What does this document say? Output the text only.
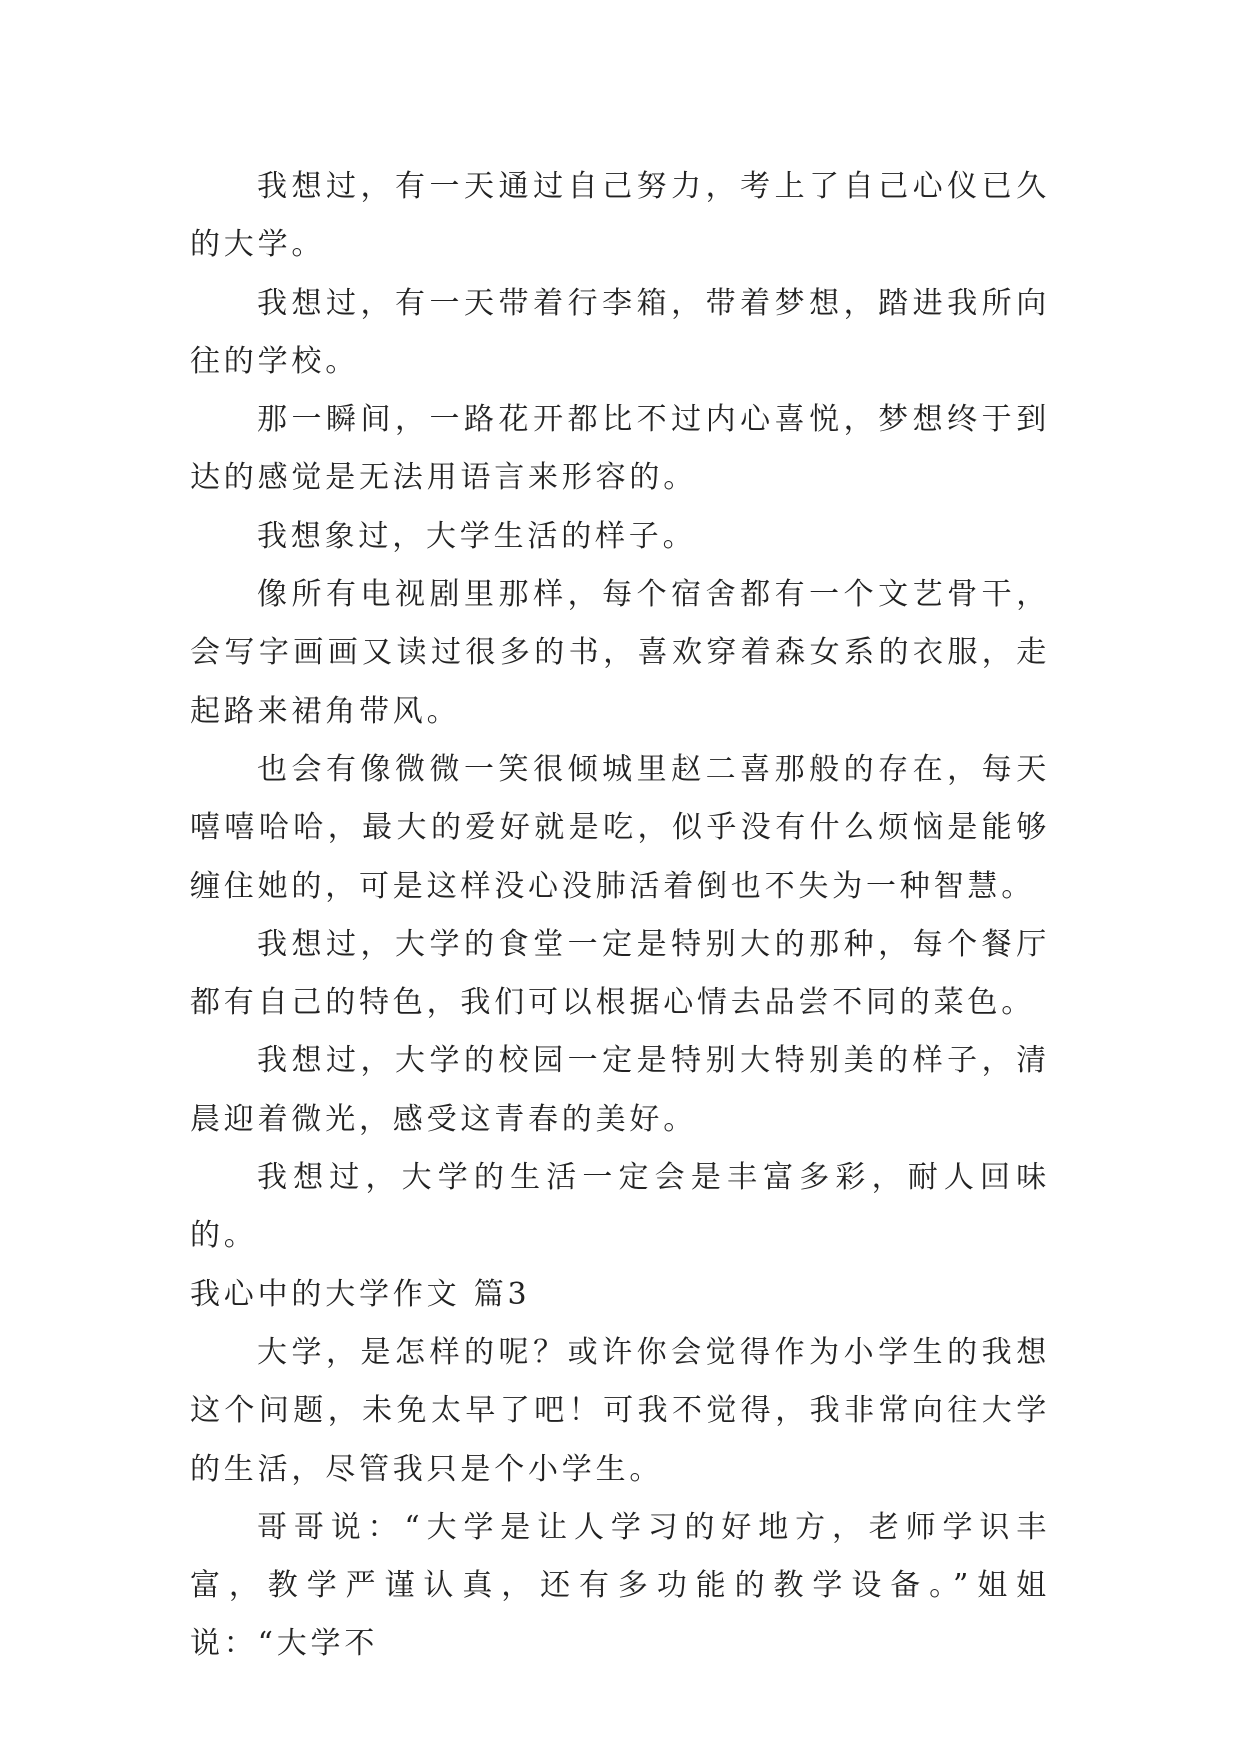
我想过，有一天通过自己努力，考上了自己心仪已久的大学。

我想过，有一天带着行李箱，带着梦想，踏进我所向往的学校。

那一瞬间，一路花开都比不过内心喜悦，梦想终于到达的感觉是无法用语言来形容的。

我想象过，大学生活的样子。

像所有电视剧里那样，每个宿舍都有一个文艺骨干，会写字画画又读过很多的书，喜欢穿着森女系的衣服，走起路来裙角带风。

也会有像微微一笑很倾城里赵二喜那般的存在，每天嘻嘻哈哈，最大的爱好就是吃，似乎没有什么烦恼是能够缠住她的，可是这样没心没肺活着倒也不失为一种智慧。

我想过，大学的食堂一定是特别大的那种，每个餐厅都有自己的特色，我们可以根据心情去品尝不同的菜色。

我想过，大学的校园一定是特别大特别美的样子，清晨迎着微光，感受这青春的美好。

我想过，大学的生活一定会是丰富多彩，耐人回味的。

我心中的大学作文 篇3

大学，是怎样的呢？或许你会觉得作为小学生的我想这个问题，未免太早了吧！可我不觉得，我非常向往大学的生活，尽管我只是个小学生。

哥哥说：“大学是让人学习的好地方，老师学识丰富，教学严谨认真，还有多功能的教学设备。”姐姐说：“大学不
